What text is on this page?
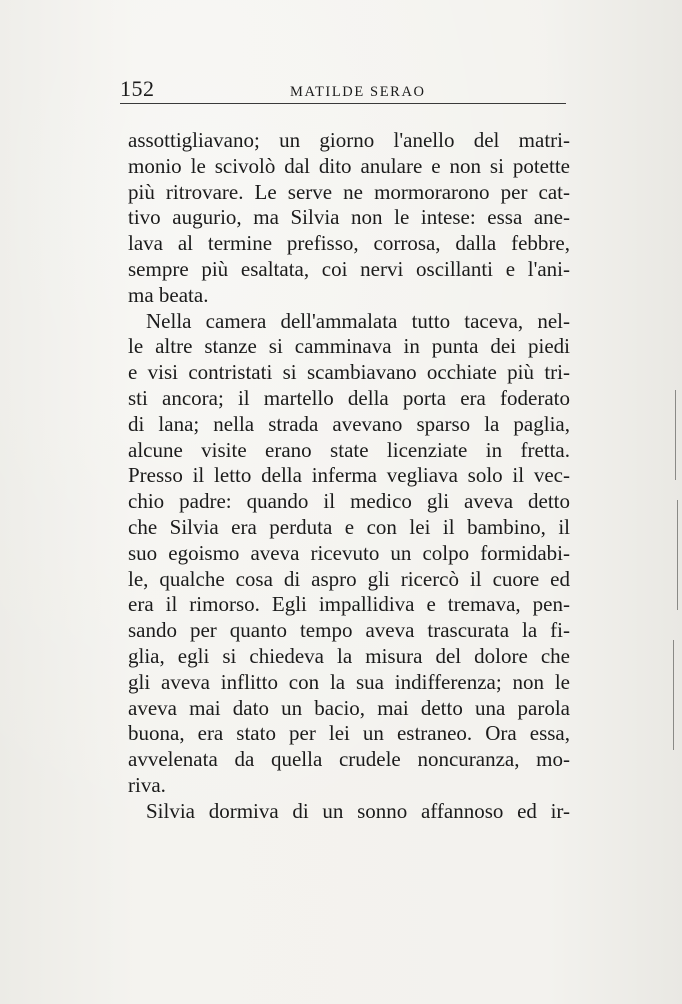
152	MATILDE SERAO
assottigliavano; un giorno l'anello del matri-
monio le scivolò dal dito anulare e non si potette
più ritrovare. Le serve ne mormorarono per cat-
tivo augurio, ma Silvia non le intese: essa ane-
lava al termine prefisso, corrosa, dalla febbre,
sempre più esaltata, coi nervi oscillanti e l'ani-
ma beata.
Nella camera dell'ammalata tutto taceva, nel-
le altre stanze si camminava in punta dei piedi
e visi contristati si scambiavano occhiate più tri-
sti ancora; il martello della porta era foderato
di lana; nella strada avevano sparso la paglia,
alcune visite erano state licenziate in fretta.
Presso il letto della inferma vegliava solo il vec-
chio padre: quando il medico gli aveva detto
che Silvia era perduta e con lei il bambino, il
suo egoismo aveva ricevuto un colpo formidabi-
le, qualche cosa di aspro gli ricercò il cuore ed
era il rimorso. Egli impallidiva e tremava, pen-
sando per quanto tempo aveva trascurata la fi-
glia, egli si chiedeva la misura del dolore che
gli aveva inflitto con la sua indifferenza; non le
aveva mai dato un bacio, mai detto una parola
buona, era stato per lei un estraneo. Ora essa,
avvelenata da quella crudele noncuranza, mo-
riva.
Silvia dormiva di un sonno affannoso ed ir-
